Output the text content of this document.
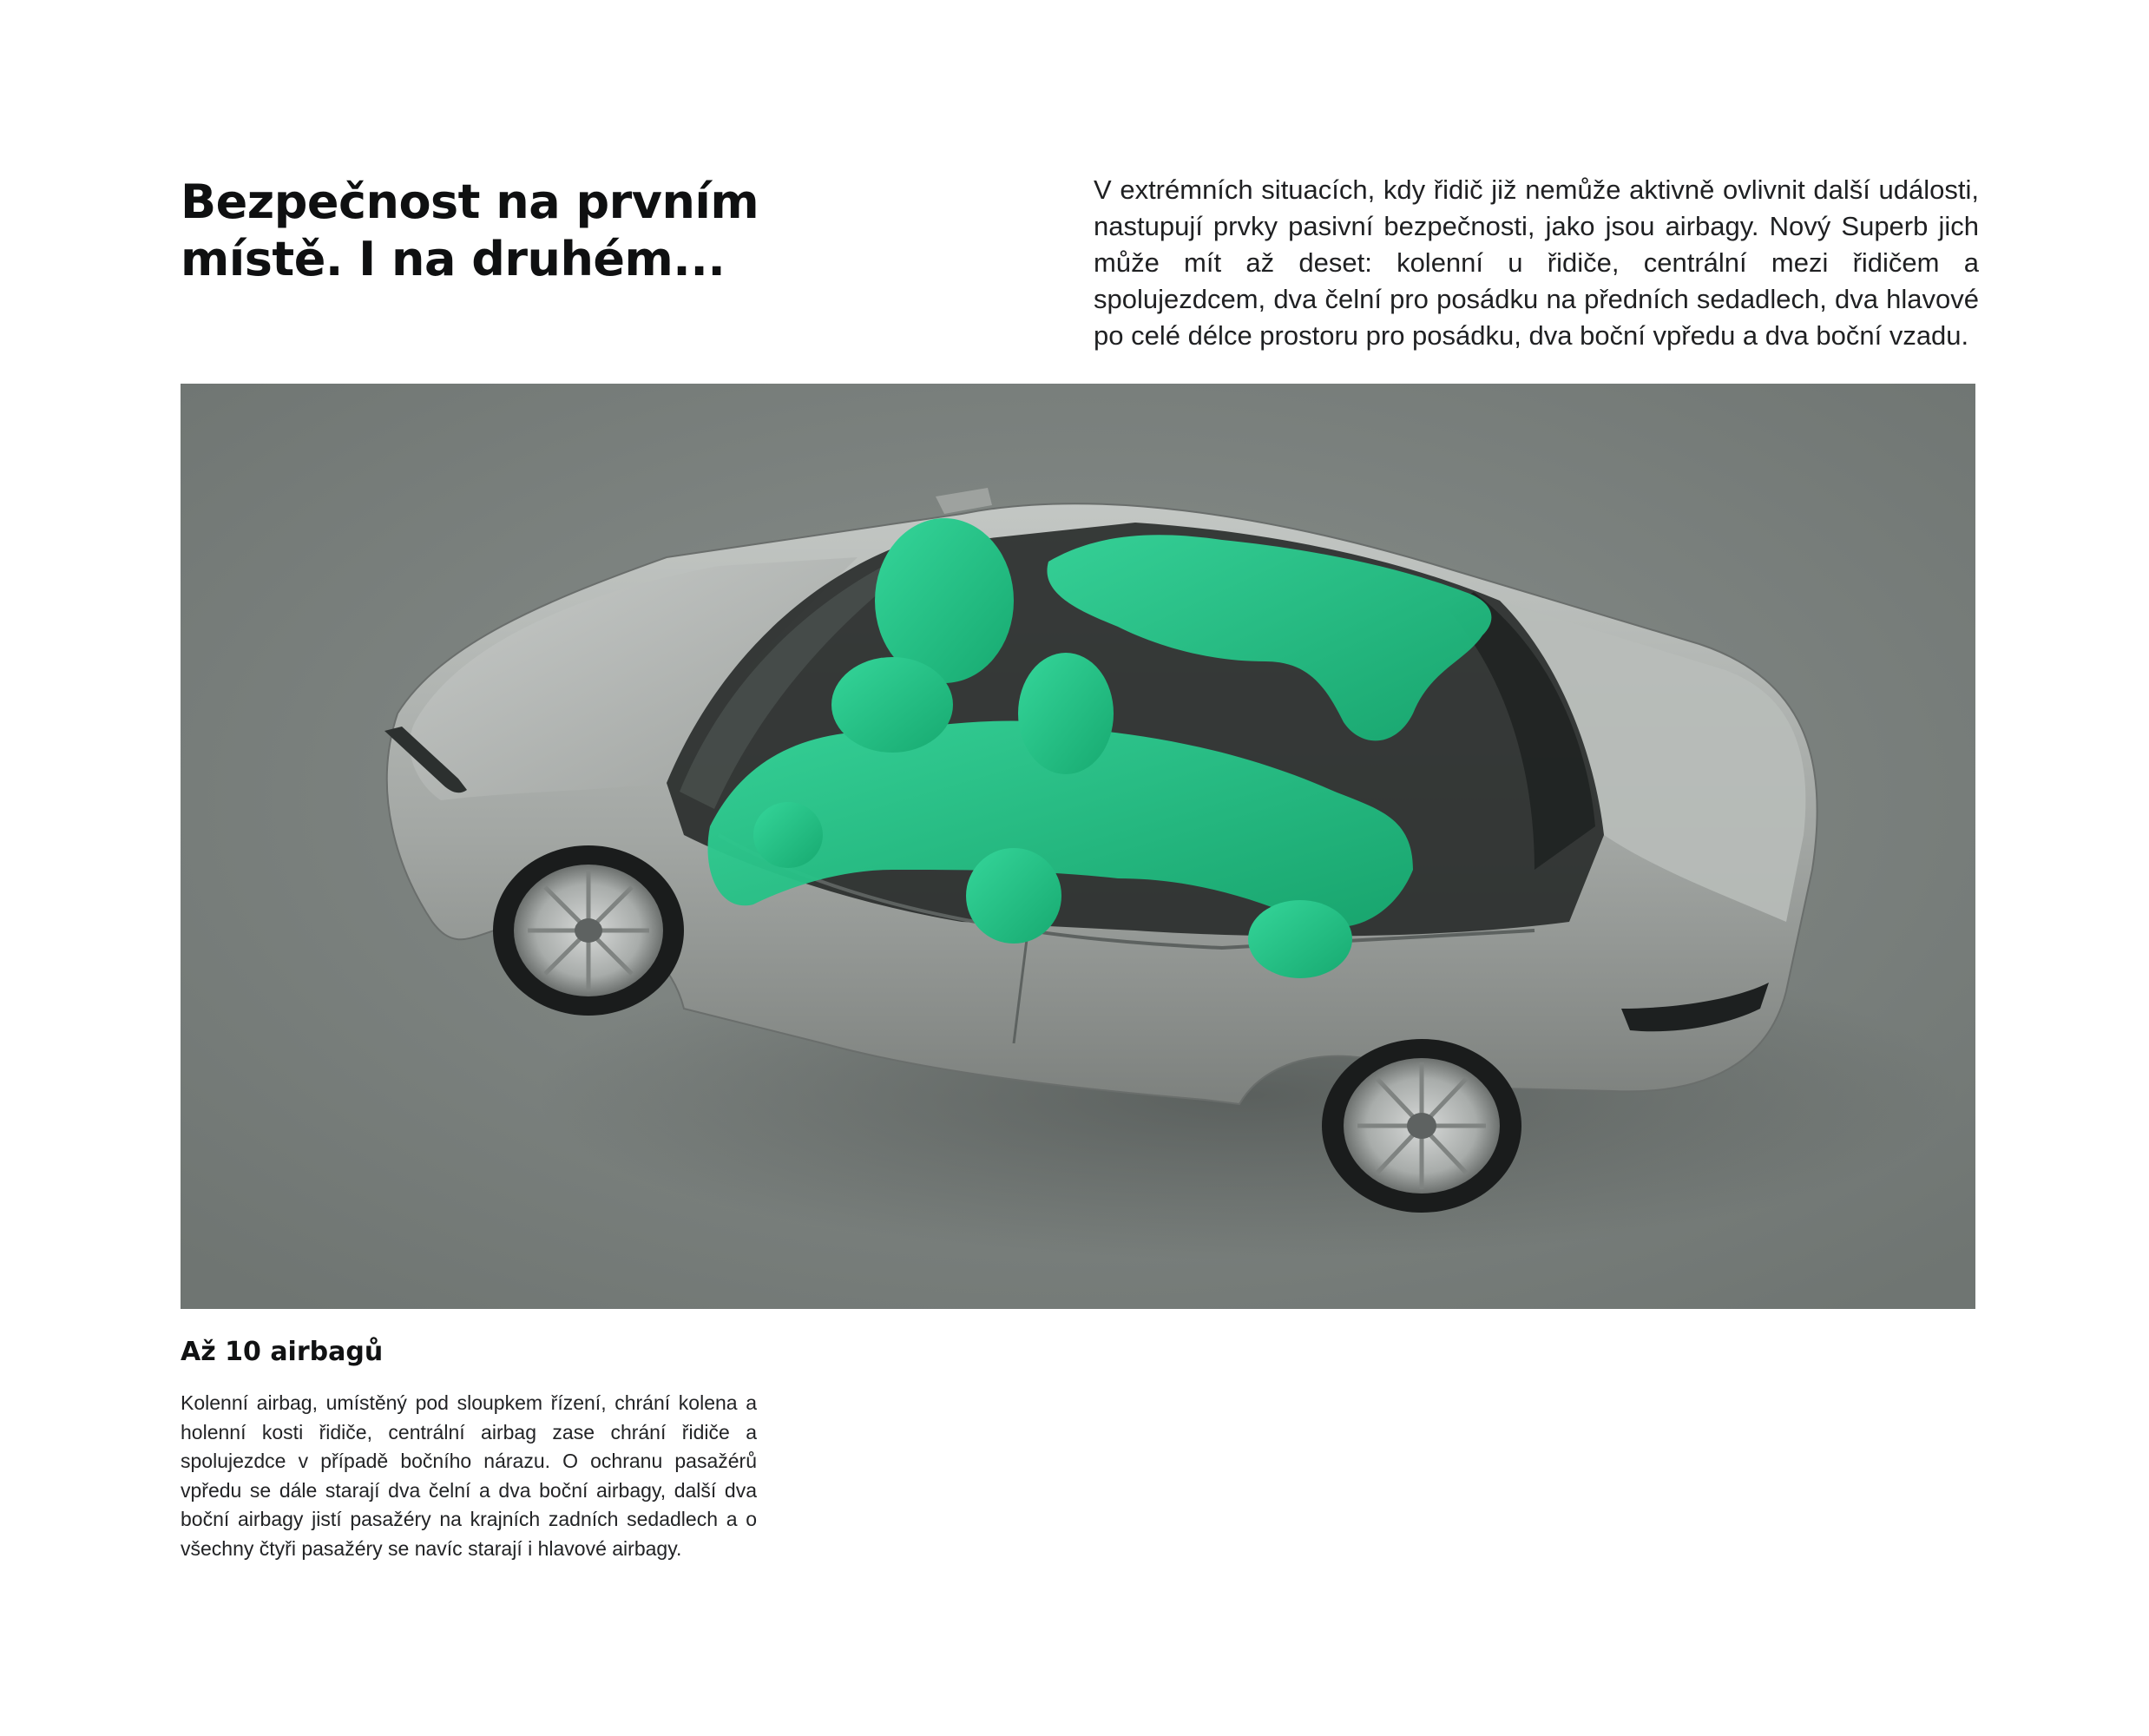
Bezpečnost na prvním místě. I na druhém...

V extrémních situacích, kdy řidič již nemůže aktivně ovlivnit další události, nastupují prvky pasivní bezpečnosti, jako jsou airbagy. Nový Superb jich může mít až deset: kolenní u řidiče, centrální mezi řidičem a spolujezdcem, dva čelní pro posádku na předních sedadlech, dva hlavové po celé délce prostoru pro posádku, dva boční vpředu a dva boční vzadu.

Až 10 airbagů

Kolenní airbag, umístěný pod sloupkem řízení, chrání kolena a holenní kosti řidiče, centrální airbag zase chrání řidiče a spolujezdce v případě bočního nárazu. O ochranu pasažérů vpředu se dále starají dva čelní a dva boční airbagy, další dva boční airbagy jistí pasažéry na krajních zadních sedadlech a o všechny čtyři pasažéry se navíc starají i hlavové airbagy.
